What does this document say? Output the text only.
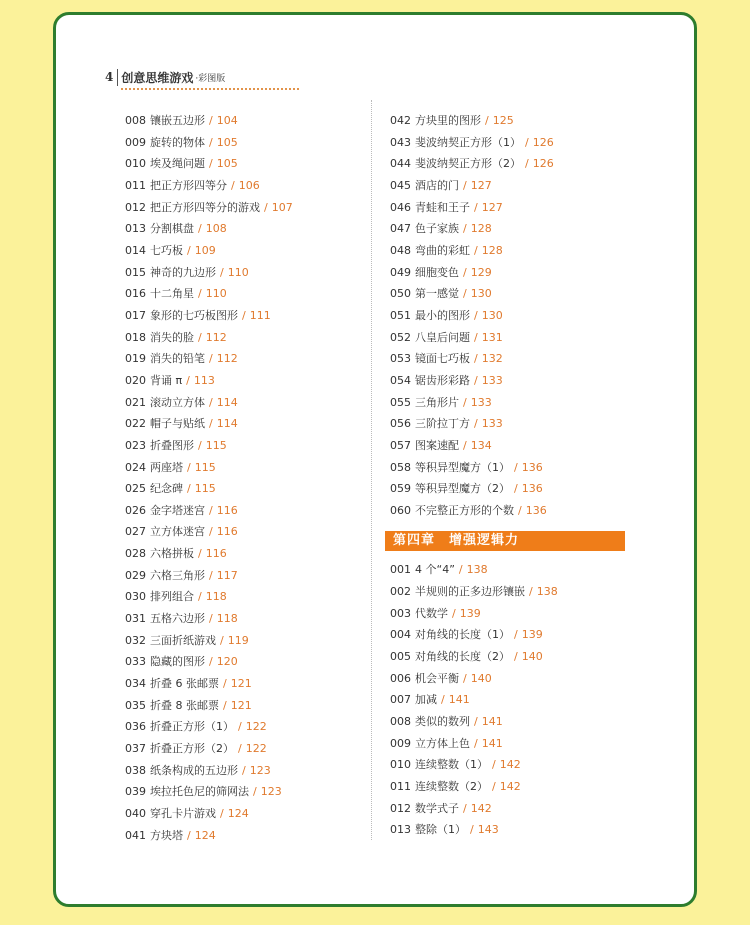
4 创意思维游戏 ·彩图版
008 镶嵌五边形 / 104
009 旋转的物体 / 105
010 埃及绳问题 / 105
011 把正方形四等分 / 106
012 把正方形四等分的游戏 / 107
013 分割棋盘 / 108
014 七巧板 / 109
015 神奇的九边形 / 110
016 十二角星 / 110
017 象形的七巧板图形 / 111
018 消失的脸 / 112
019 消失的铅笔 / 112
020 背诵 π / 113
021 滚动立方体 / 114
022 帽子与贴纸 / 114
023 折叠图形 / 115
024 两座塔 / 115
025 纪念碑 / 115
026 金字塔迷宫 / 116
027 立方体迷宫 / 116
028 六格拼板 / 116
029 六格三角形 / 117
030 排列组合 / 118
031 五格六边形 / 118
032 三面折纸游戏 / 119
033 隐藏的图形 / 120
034 折叠 6 张邮票 / 121
035 折叠 8 张邮票 / 121
036 折叠正方形（1） / 122
037 折叠正方形（2） / 122
038 纸条构成的五边形 / 123
039 埃拉托色尼的筛网法 / 123
040 穿孔卡片游戏 / 124
041 方块塔 / 124
042 方块里的图形 / 125
043 斐波纳契正方形（1） / 126
044 斐波纳契正方形（2） / 126
045 酒店的门 / 127
046 青蛙和王子 / 127
047 色子家族 / 128
048 弯曲的彩虹 / 128
049 细胞变色 / 129
050 第一感觉 / 130
051 最小的图形 / 130
052 八皇后问题 / 131
053 镜面七巧板 / 132
054 锯齿形彩路 / 133
055 三角形片 / 133
056 三阶拉丁方 / 133
057 图案速配 / 134
058 等积异型魔方（1） / 136
059 等积异型魔方（2） / 136
060 不完整正方形的个数 / 136
第四章 增强逻辑力
001 4 个“4” / 138
002 半规则的正多边形镶嵌 / 138
003 代数学 / 139
004 对角线的长度（1） / 139
005 对角线的长度（2） / 140
006 机会平衡 / 140
007 加减 / 141
008 类似的数列 / 141
009 立方体上色 / 141
010 连续整数（1） / 142
011 连续整数（2） / 142
012 数学式子 / 142
013 整除（1） / 143
